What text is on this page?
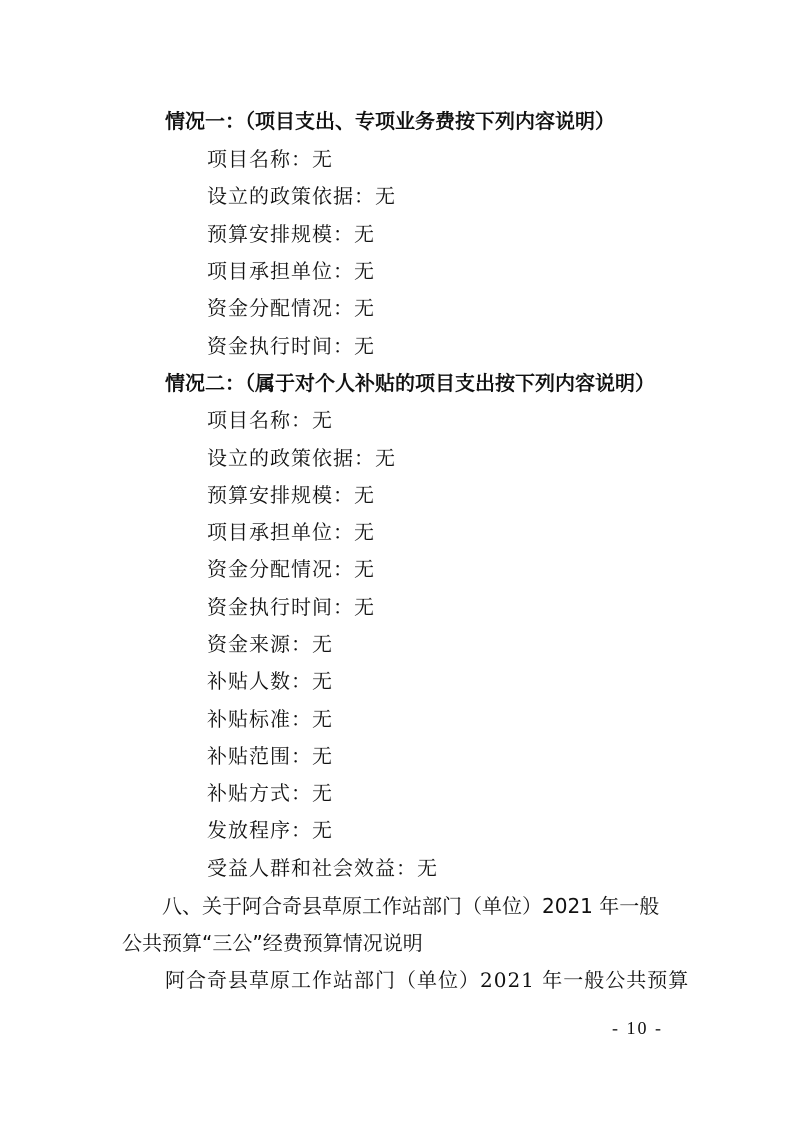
情况一：（项目支出、专项业务费按下列内容说明）
项目名称：无
设立的政策依据：无
预算安排规模：无
项目承担单位：无
资金分配情况：无
资金执行时间：无
情况二：（属于对个人补贴的项目支出按下列内容说明）
项目名称：无
设立的政策依据：无
预算安排规模：无
项目承担单位：无
资金分配情况：无
资金执行时间：无
资金来源：无
补贴人数：无
补贴标准：无
补贴范围：无
补贴方式：无
发放程序：无
受益人群和社会效益：无
八、关于阿合奇县草原工作站部门（单位）2021 年一般
公共预算“三公”经费预算情况说明
阿合奇县草原工作站部门（单位）2021 年一般公共预算
- 10 -
